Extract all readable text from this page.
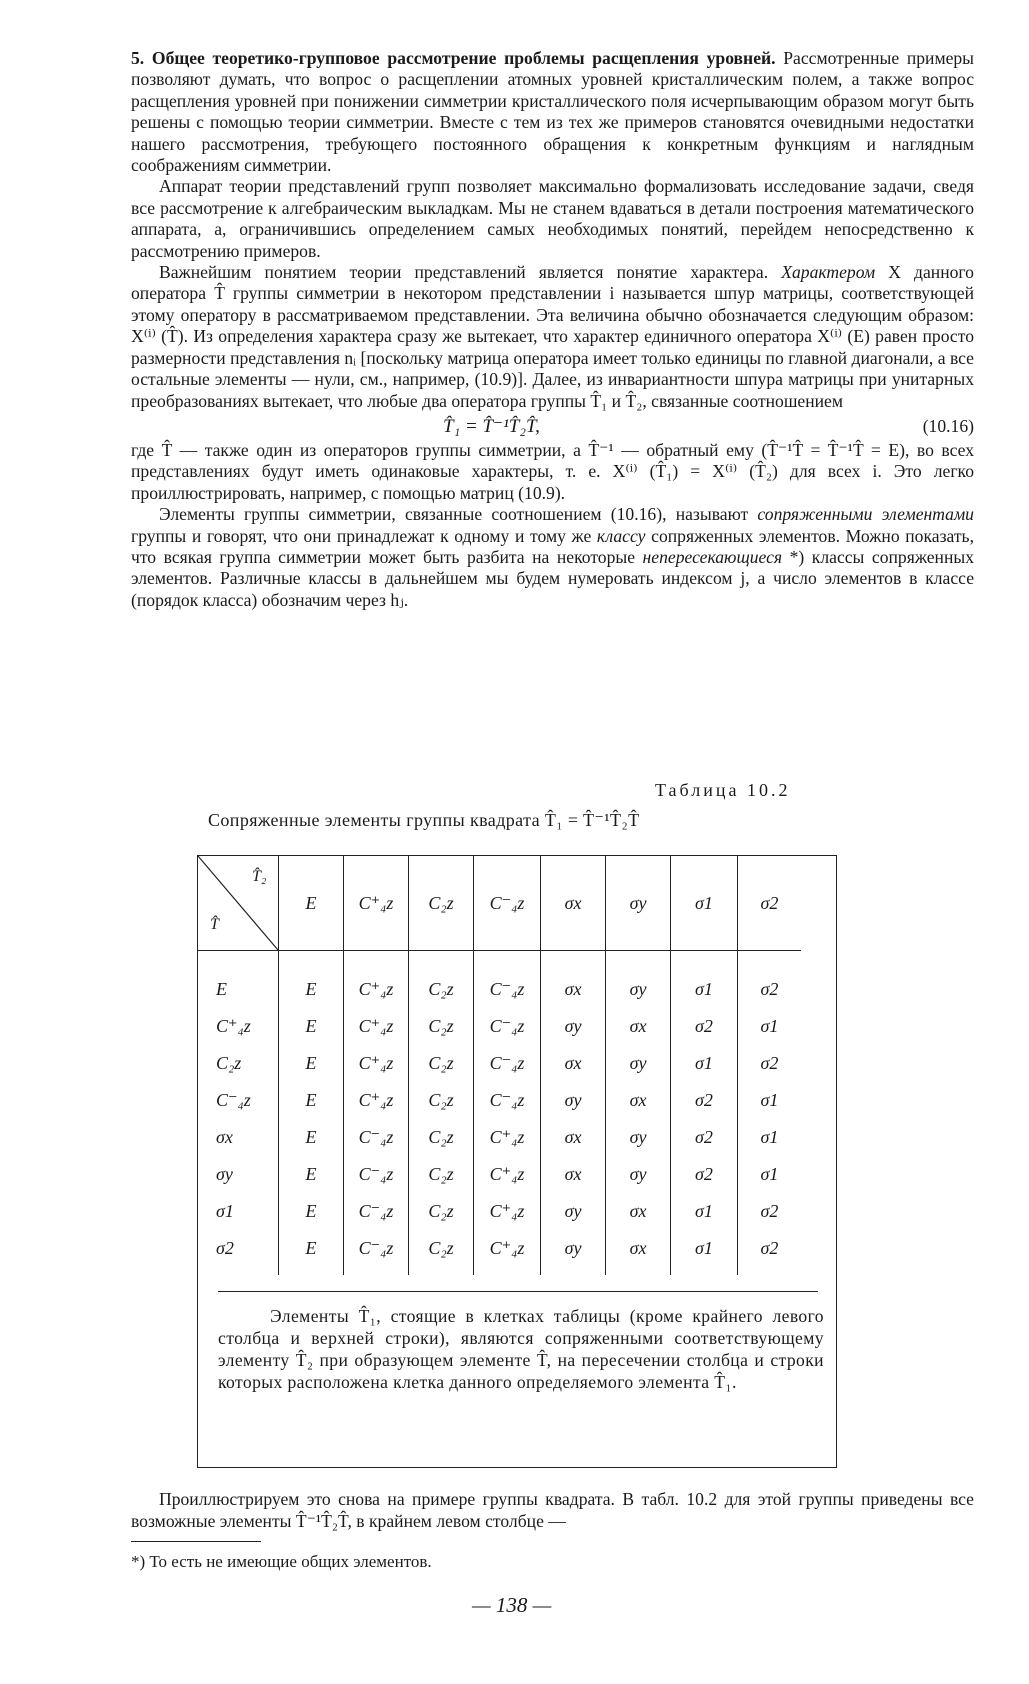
5. Общее теоретико-групповое рассмотрение проблемы расщепления уровней. Рассмотренные примеры позволяют думать, что вопрос о расщеплении атомных уровней кристаллическим полем, а также вопрос расщепления уровней при понижении симметрии кристаллического поля исчерпывающим образом могут быть решены с помощью теории симметрии. Вместе с тем из тех же примеров становятся очевидными недостатки нашего рассмотрения, требующего постоянного обращения к конкретным функциям и наглядным соображениям симметрии.

Аппарат теории представлений групп позволяет максимально формализовать исследование задачи, сведя все рассмотрение к алгебраическим выкладкам. Мы не станем вдаваться в детали построения математического аппарата, а, ограничившись определением самых необходимых понятий, перейдем непосредственно к рассмотрению примеров.

Важнейшим понятием теории представлений является понятие характера. Характером X данного оператора T̂ группы симметрии в некотором представлении i называется шпур матрицы, соответствующей этому оператору в рассматриваемом представлении. Эта величина обычно обозначается следующим образом: X⁽ⁱ⁾ (T̂). Из определения характера сразу же вытекает, что характер единичного оператора X⁽ⁱ⁾ (E) равен просто размерности представления nᵢ [поскольку матрица оператора имеет только единицы по главной диагонали, а все остальные элементы — нули, см., например, (10.9)]. Далее, из инвариантности шпура матрицы при унитарных преобразованиях вытекает, что любые два оператора группы T̂₁ и T̂₂, связанные соотношением

T̂₁ = T̂⁻¹T̂₂T̂,	(10.16)

где T̂ — также один из операторов группы симметрии, а T̂⁻¹ — обратный ему (T̂⁻¹T̂ = T̂⁻¹T̂ = E), во всех представлениях будут иметь одинаковые характеры, т. е. X⁽ⁱ⁾ (T̂₁) = X⁽ⁱ⁾ (T̂₂) для всех i. Это легко проиллюстрировать, например, с помощью матриц (10.9).

Элементы группы симметрии, связанные соотношением (10.16), называют сопряженными элементами группы и говорят, что они принадлежат к одному и тому же классу сопряженных элементов. Можно показать, что всякая группа симметрии может быть разбита на некоторые непересекающиеся *) классы сопряженных элементов. Различные классы в дальнейшем мы будем нумеровать индексом j, а число элементов в классе (порядок класса) обозначим через hⱼ.

Таблица 10.2
Сопряженные элементы группы квадрата T̂₁ = T̂⁻¹T̂₂T̂
T̂₂
T̂	E	C⁺₄z	C₂z	C⁻₄z	σx	σy	σ1	σ2

E	E	C⁺₄z	C₂z	C⁻₄z	σx	σy	σ1	σ2
C⁺₄z	E	C⁺₄z	C₂z	C⁻₄z	σy	σx	σ2	σ1
C₂z	E	C⁺₄z	C₂z	C⁻₄z	σx	σy	σ1	σ2
C⁻₄z	E	C⁺₄z	C₂z	C⁻₄z	σy	σx	σ2	σ1
σx	E	C⁻₄z	C₂z	C⁺₄z	σx	σy	σ2	σ1
σy	E	C⁻₄z	C₂z	C⁺₄z	σx	σy	σ2	σ1
σ1	E	C⁻₄z	C₂z	C⁺₄z	σy	σx	σ1	σ2
σ2	E	C⁻₄z	C₂z	C⁺₄z	σy	σx	σ1	σ2

Элементы T̂₁, стоящие в клетках таблицы (кроме крайнего левого столбца и верхней строки), являются сопряженными соответствующему элементу T̂₂ при образующем элементе T̂, на пересечении столбца и строки которых расположена клетка данного определяемого элемента T̂₁.

Проиллюстрируем это снова на примере группы квадрата. В табл. 10.2 для этой группы приведены все возможные элементы T̂⁻¹T̂₂T̂, в крайнем левом столбце —

*) То есть не имеющие общих элементов.
— 138 —
